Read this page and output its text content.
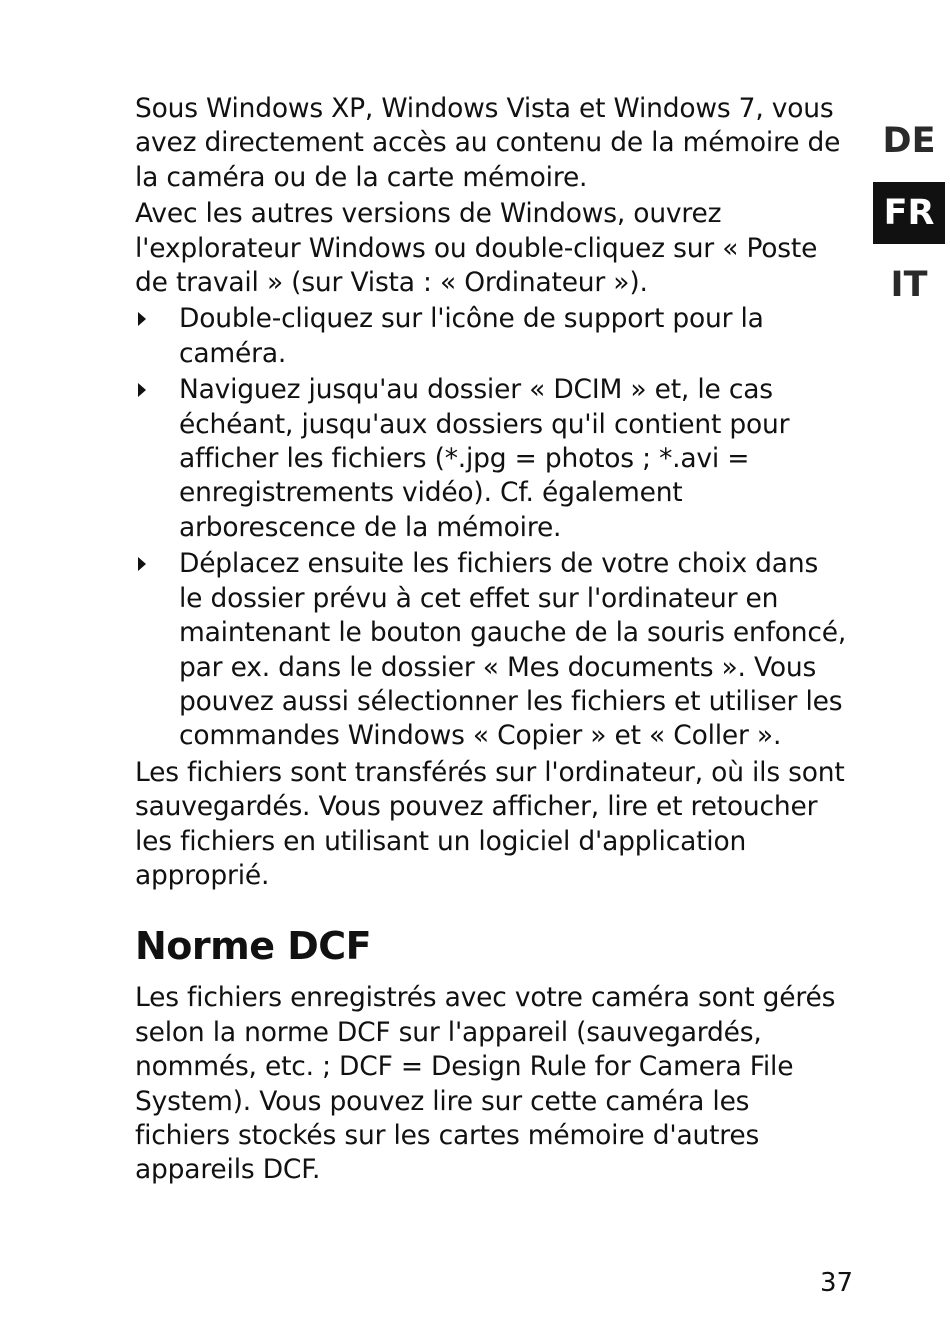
Sous Windows XP, Windows Vista et Windows 7, vous avez directement accès au contenu de la mémoire de la caméra ou de la carte mémoire.

Avec les autres versions de Windows, ouvrez l'explorateur Windows ou double-cliquez sur « Poste de travail » (sur Vista : « Ordinateur »).

Double-cliquez sur l'icône de support pour la caméra.
Naviguez jusqu'au dossier « DCIM » et, le cas échéant, jusqu'aux dossiers qu'il contient pour afficher les fichiers (*.jpg = photos ; *.avi = enregistrements vidéo). Cf. également arborescence de la mémoire.
Déplacez ensuite les fichiers de votre choix dans le dossier prévu à cet effet sur l'ordinateur en maintenant le bouton gauche de la souris enfoncé, par ex. dans le dossier « Mes documents ». Vous pouvez aussi sélectionner les fichiers et utiliser les commandes Windows « Copier » et « Coller ».

Les fichiers sont transférés sur l'ordinateur, où ils sont sauvegardés. Vous pouvez afficher, lire et retoucher les fichiers en utilisant un logiciel d'application approprié.

Norme DCF

Les fichiers enregistrés avec votre caméra sont gérés selon la norme DCF sur l'appareil (sauvegardés, nommés, etc. ; DCF = Design Rule for Camera File System). Vous pouvez lire sur cette caméra les fichiers stockés sur les cartes mémoire d'autres appareils DCF.

DE
FR
IT
37
